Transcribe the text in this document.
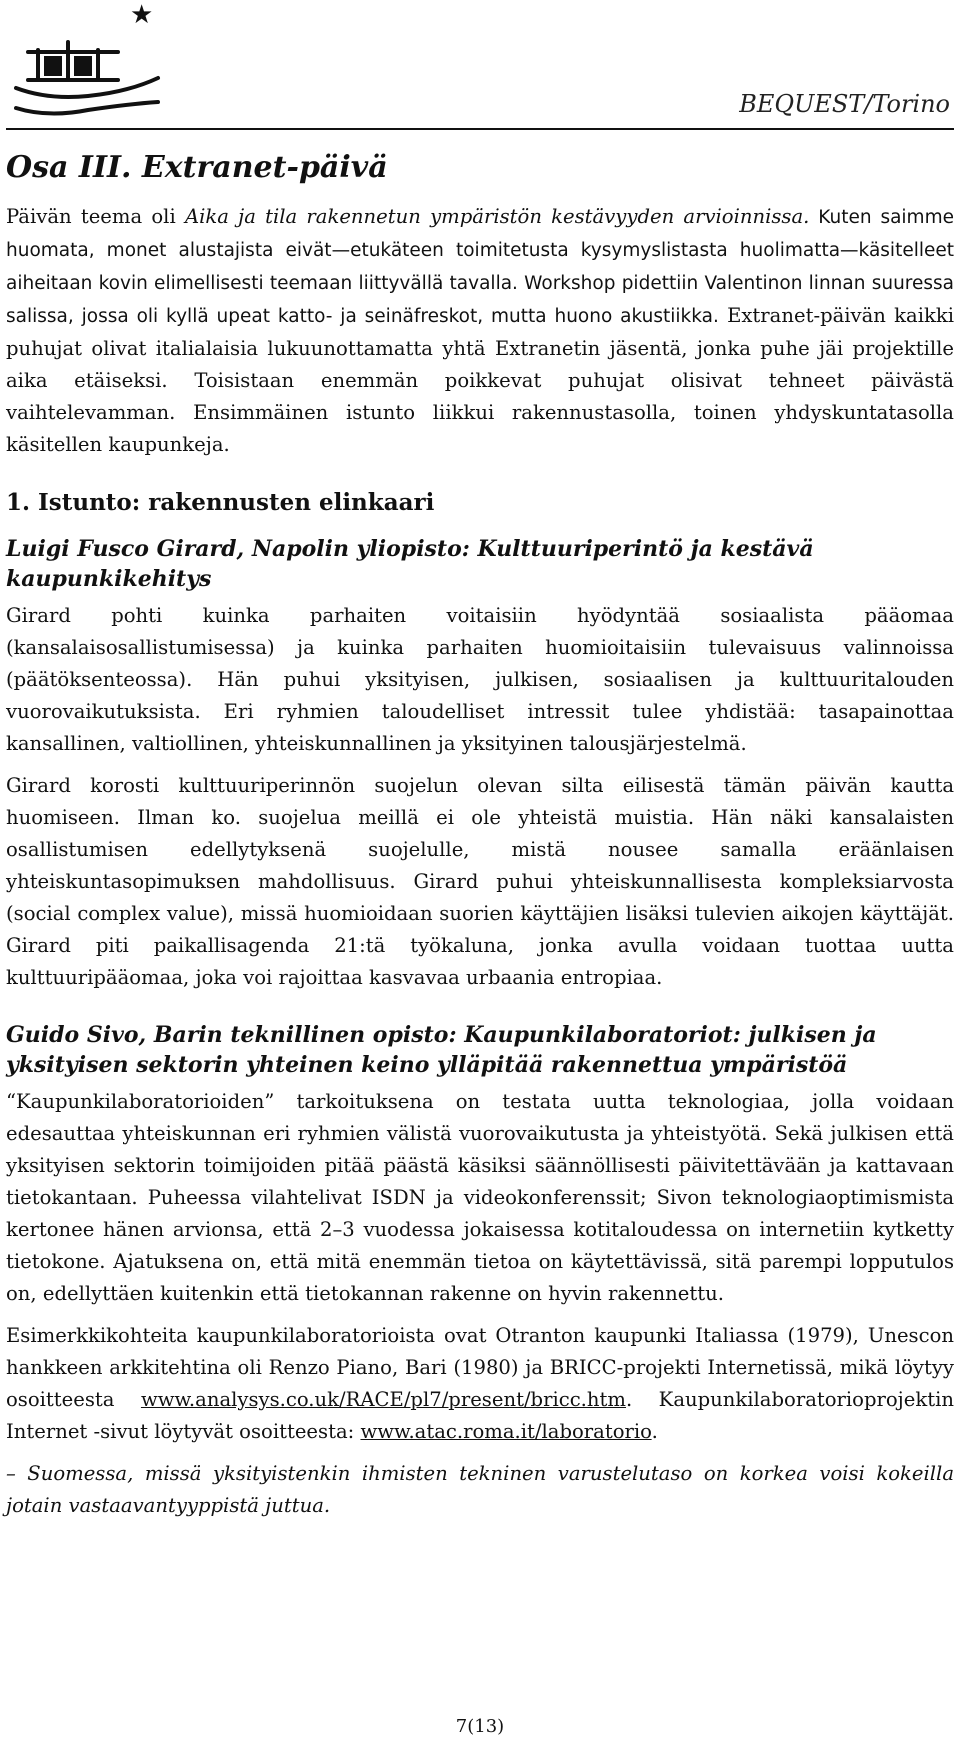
★
BEQUEST/Torino
Osa III. Extranet-päivä

Päivän teema oli Aika ja tila rakennetun ympäristön kestävyyden arvioinnissa. Kuten saimme huomata, monet alustajista eivät—etukäteen toimitetusta kysymyslistasta huolimatta—käsitelleet aiheitaan kovin elimellisesti teemaan liittyvällä tavalla. Workshop pidettiin Valentinon linnan suuressa salissa, jossa oli kyllä upeat katto- ja seinäfreskot, mutta huono akustiikka. Extranet-päivän kaikki puhujat olivat italialaisia lukuunottamatta yhtä Extranetin jäsentä, jonka puhe jäi projektille aika etäiseksi. Toisistaan enemmän poikkevat puhujat olisivat tehneet päivästä vaihtelevamman. Ensimmäinen istunto liikkui rakennustasolla, toinen yhdyskuntatasolla käsitellen kaupunkeja.

1. Istunto: rakennusten elinkaari
Luigi Fusco Girard, Napolin yliopisto: Kulttuuriperintö ja kestävä kaupunkikehitys

Girard pohti kuinka parhaiten voitaisiin hyödyntää sosiaalista pääomaa (kansalaisosallistumisessa) ja kuinka parhaiten huomioitaisiin tulevaisuus valinnoissa (päätöksenteossa). Hän puhui yksityisen, julkisen, sosiaalisen ja kulttuuritalouden vuorovaikutuksista. Eri ryhmien taloudelliset intressit tulee yhdistää: tasapainottaa kansallinen, valtiollinen, yhteiskunnallinen ja yksityinen talousjärjestelmä.

Girard korosti kulttuuriperinnön suojelun olevan silta eilisestä tämän päivän kautta huomiseen. Ilman ko. suojelua meillä ei ole yhteistä muistia. Hän näki kansalaisten osallistumisen edellytyksenä suojelulle, mistä nousee samalla eräänlaisen yhteiskuntasopimuksen mahdollisuus. Girard puhui yhteiskunnallisesta kompleksiarvosta (social complex value), missä huomioidaan suorien käyttäjien lisäksi tulevien aikojen käyttäjät. Girard piti paikallisagenda 21:tä työkaluna, jonka avulla voidaan tuottaa uutta kulttuuripääomaa, joka voi rajoittaa kasvavaa urbaania entropiaa.

Guido Sivo, Barin teknillinen opisto: Kaupunkilaboratoriot: julkisen ja yksityisen sektorin yhteinen keino ylläpitää rakennettua ympäristöä

“Kaupunkilaboratorioiden” tarkoituksena on testata uutta teknologiaa, jolla voidaan edesauttaa yhteiskunnan eri ryhmien välistä vuorovaikutusta ja yhteistyötä. Sekä julkisen että yksityisen sektorin toimijoiden pitää päästä käsiksi säännöllisesti päivitettävään ja kattavaan tietokantaan. Puheessa vilahtelivat ISDN ja videokonferenssit; Sivon teknologiaoptimismista kertonee hänen arvionsa, että 2–3 vuodessa jokaisessa kotitaloudessa on internetiin kytketty tietokone. Ajatuksena on, että mitä enemmän tietoa on käytettävissä, sitä parempi lopputulos on, edellyttäen kuitenkin että tietokannan rakenne on hyvin rakennettu.

Esimerkkikohteita kaupunkilaboratorioista ovat Otranton kaupunki Italiassa (1979), Unescon hankkeen arkkitehtina oli Renzo Piano, Bari (1980) ja BRICC-projekti Internetissä, mikä löytyy osoitteesta www.analysys.co.uk/RACE/pl7/present/bricc.htm. Kaupunkilaboratorioprojektin Internet -sivut löytyvät osoitteesta: www.atac.roma.it/laboratorio.

– Suomessa, missä yksityistenkin ihmisten tekninen varustelutaso on korkea voisi kokeilla jotain vastaavantyyppistä juttua.

7(13)
